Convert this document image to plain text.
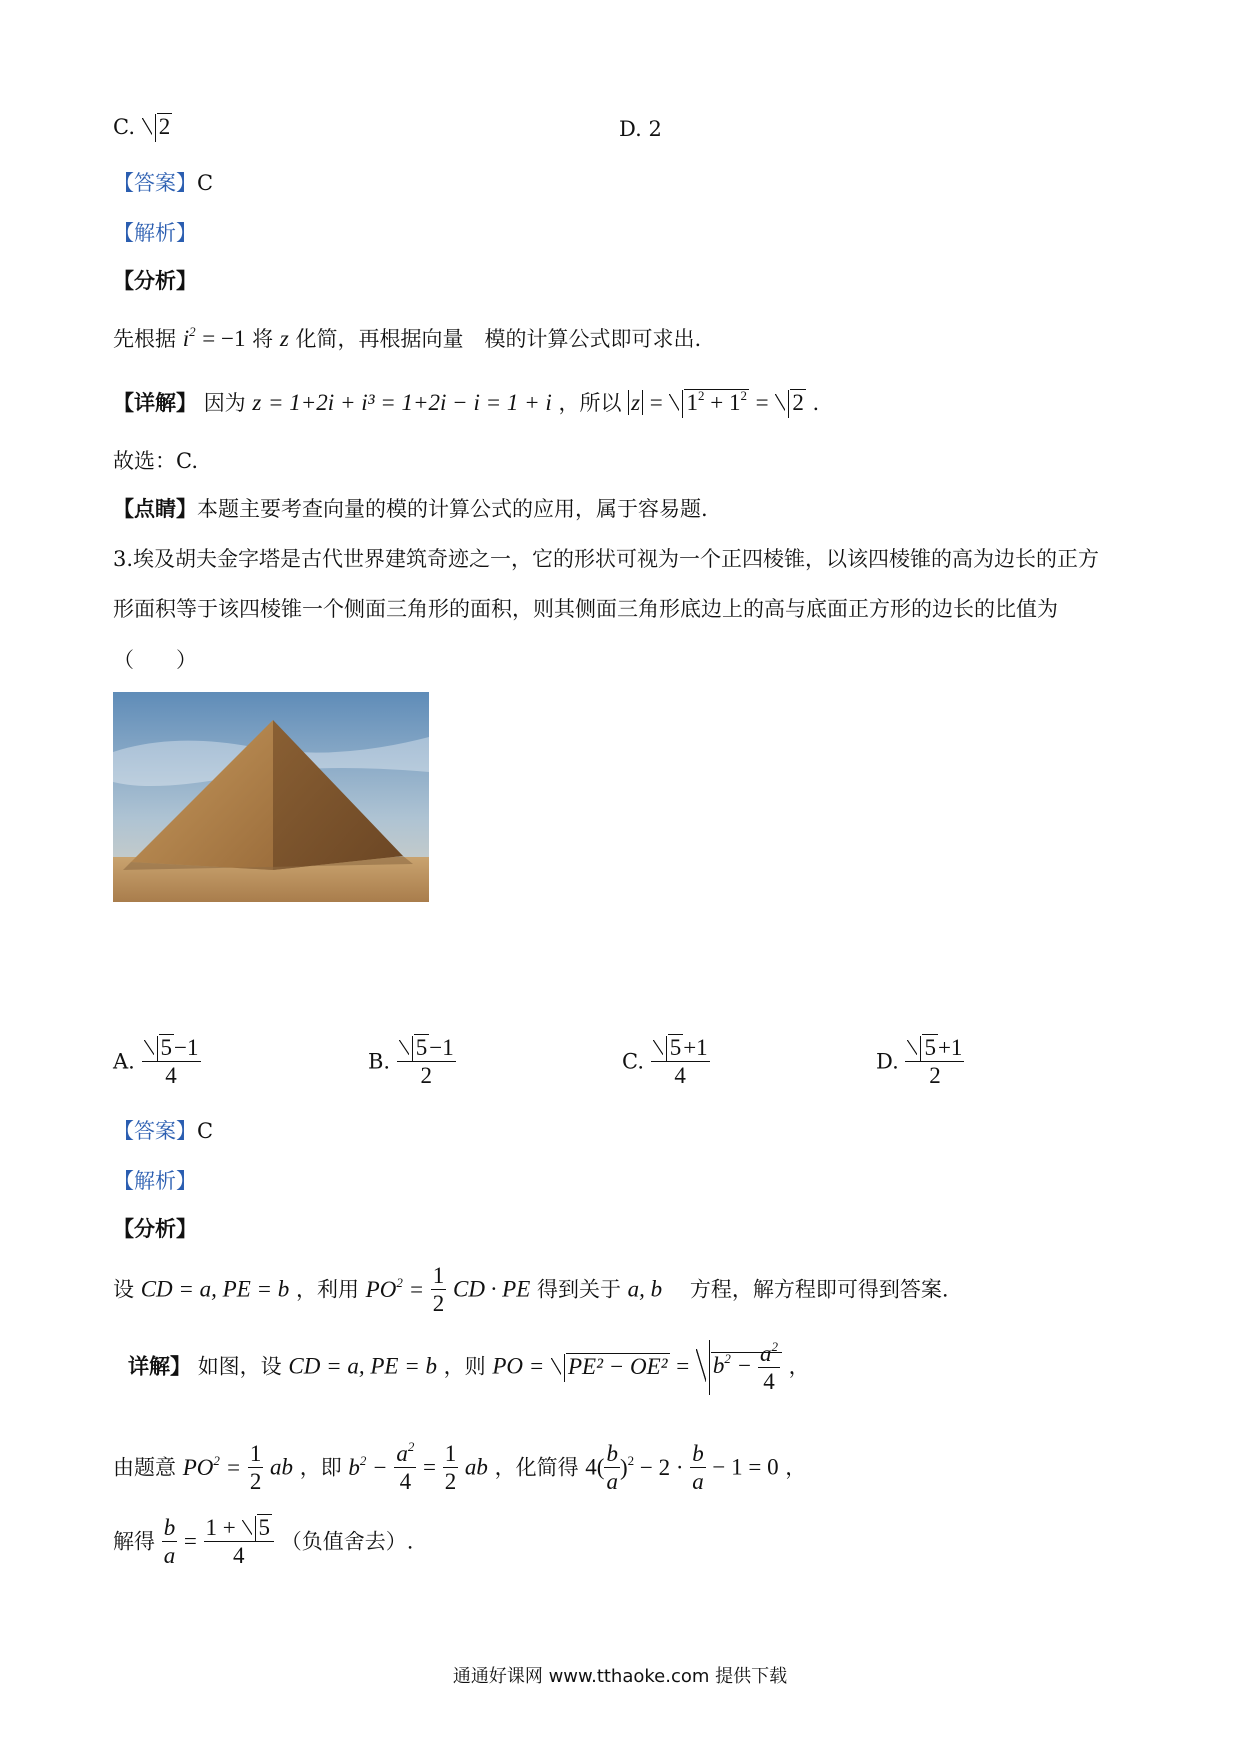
C. 2	D. 2
【答案】C
【解析】
【分析】
先根据 $i^2 = -1$ 将 z 化简，再根据向量　模的计算公式即可求出.
【详解】 因为 z = 1+2i + i³ = 1+2i − i = 1 + i ，所以 $z = 1^2 + 1^2 = 2$ .
故选：C.
【点睛】本题主要考查向量的模的计算公式的应用，属于容易题.
3.埃及胡夫金字塔是古代世界建筑奇迹之一，它的形状可视为一个正四棱锥，以该四棱锥的高为边长的正方
形面积等于该四棱锥一个侧面三角形的面积，则其侧面三角形底边上的高与底面正方形的边长的比值为
（　　）
A. $\frac{5-1}{4}$	B. $\frac{5-1}{2}$	C. $\frac{5+1}{4}$	D. $\frac{5+1}{2}$
【答案】C
【解析】
【分析】
设 CD = a, PE = b ，利用 $PO^2 = \frac{1}{2}$ CD · PE 得到关于 a, b 　方程，解方程即可得到答案.
详解】 如图，设 CD = a, PE = b ，则 PO = $PE^2 - OE^2 = b^2 - \frac{a^2}{4}$ ，
由题意 $PO^2 = \frac{1}{2}$ ab ，即 $b^2 - \frac{a^2}{4} = \frac{1}{2}$ ab ，化简得 $4( \frac{b}{a} )^2 - 2 \cdot \frac{b}{a} - 1 = 0$ ，
解得 $\frac{b}{a} = \frac{1 + 5}{4}$ （负值舍去）.
通通好课网 www.tthaoke.com 提供下载
